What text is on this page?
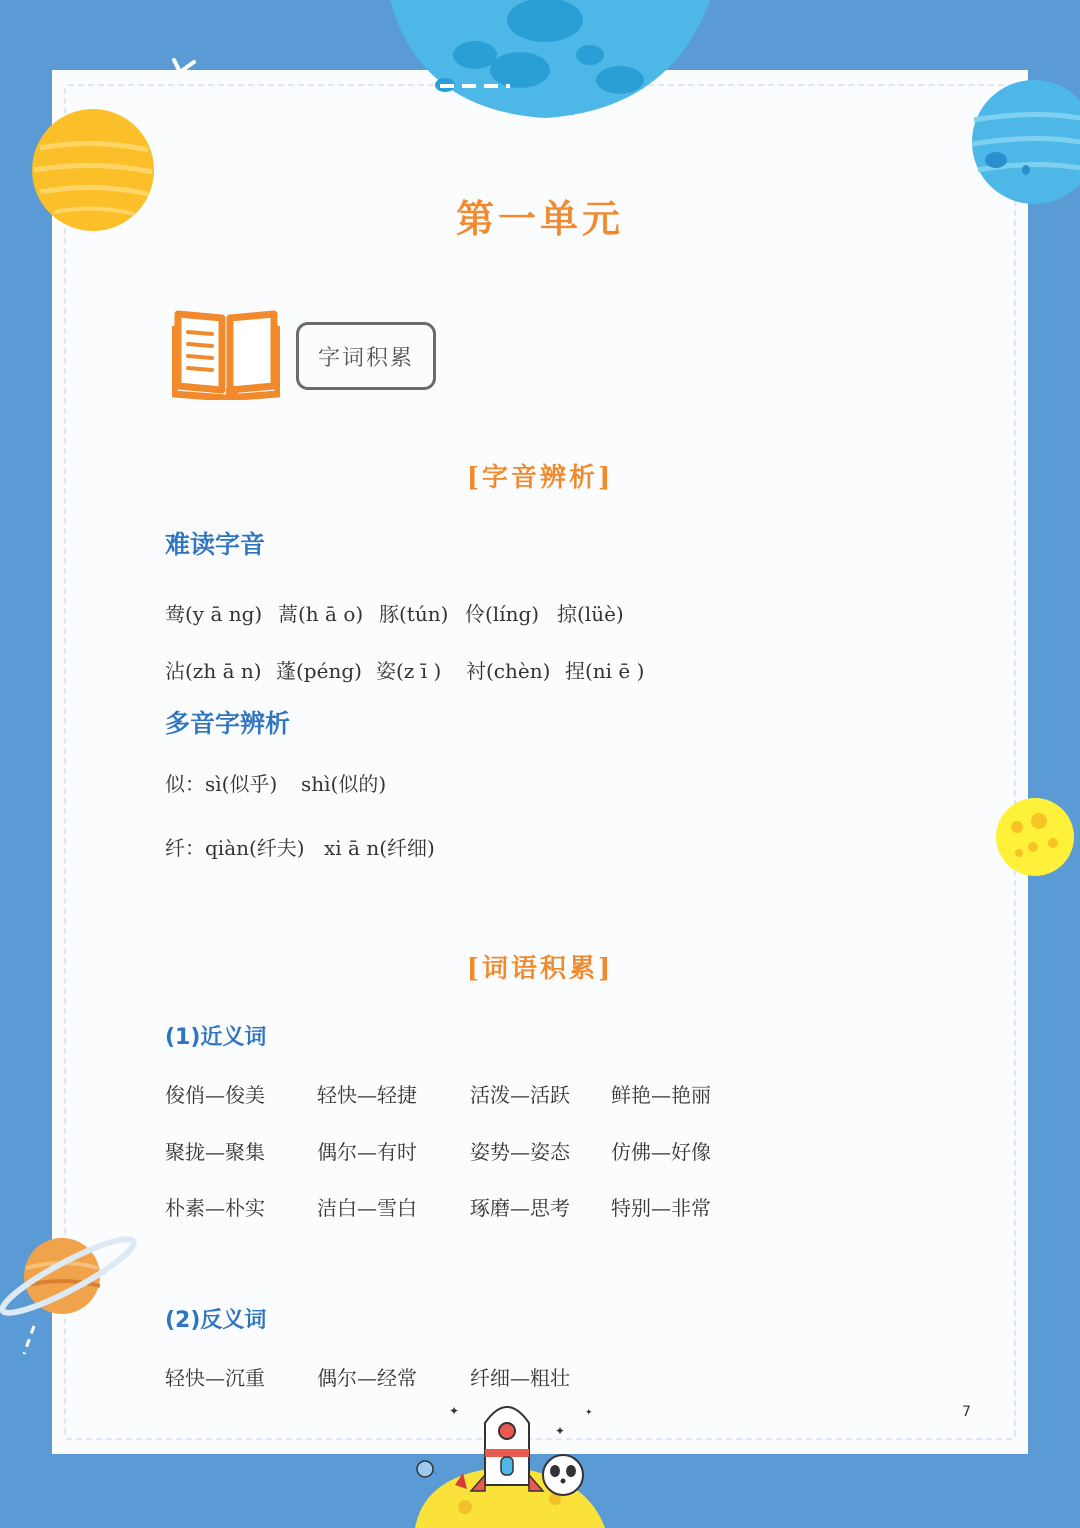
✦
✦
✦
第一单元
字词积累
[字音辨析]
难读字音
鸯(y ā ng) 蒿(h ā o) 豚(tún) 伶(líng) 掠(lüè)
沾(zh ā n) 蓬(péng) 姿(z ī ) 衬(chèn) 捏(ni ē )
多音字辨析
似：sì(似乎) shì(似的)
纤：qiàn(纤夫) xi ā n(纤细)
[词语积累]
(1)近义词
俊俏—俊美	轻快—轻捷	活泼—活跃 鲜艳—艳丽
聚拢—聚集	偶尔—有时	姿势—姿态 仿佛—好像
朴素—朴实	洁白—雪白	琢磨—思考 特别—非常
(2)反义词
轻快—沉重	偶尔—经常	纤细—粗壮
7
